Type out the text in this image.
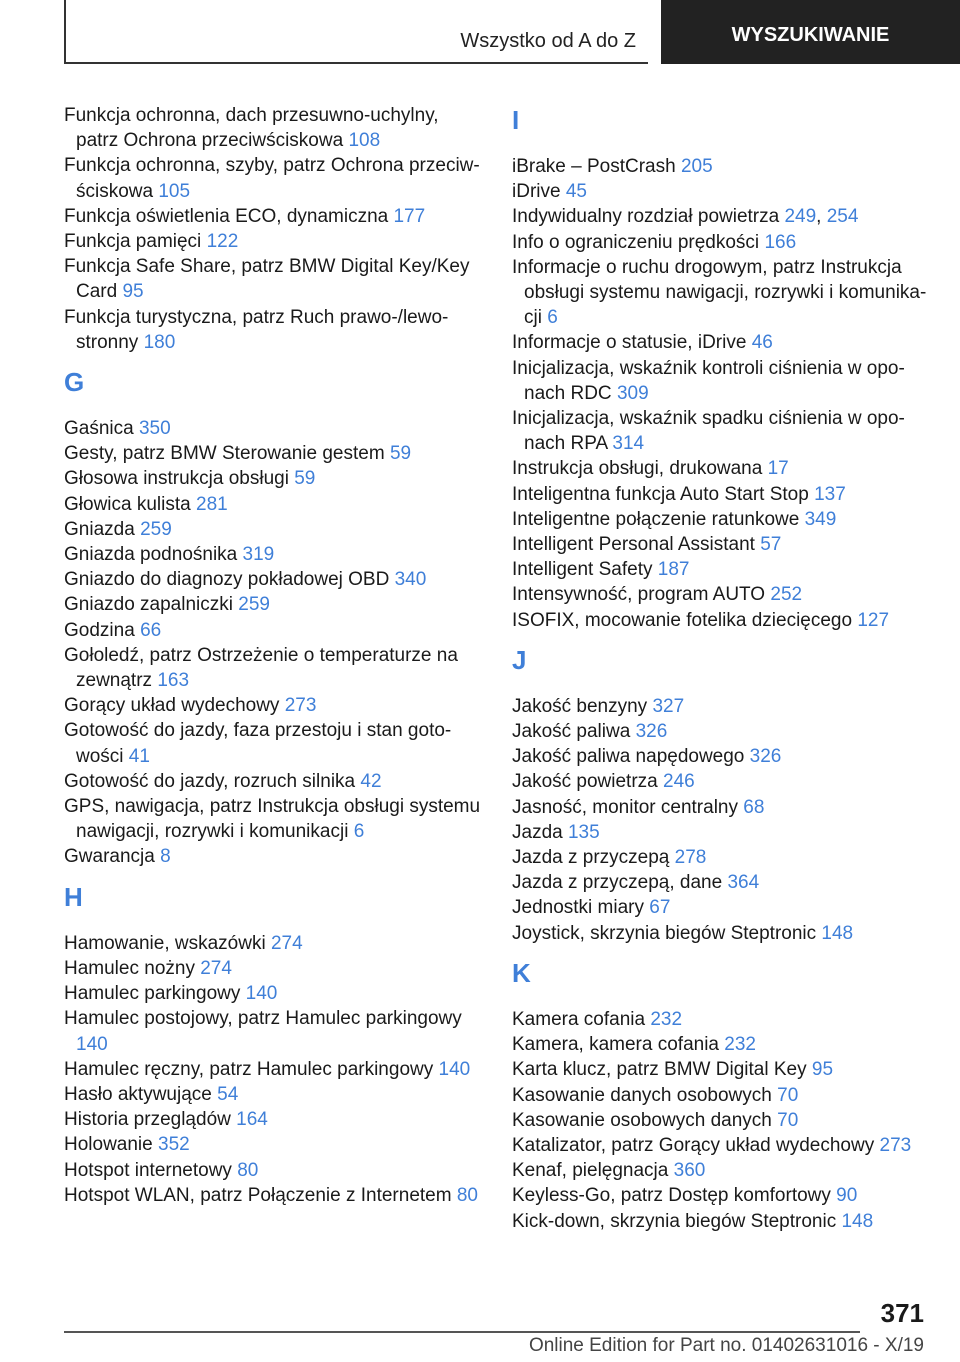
Wszystko od A do Z	WYSZUKIWANIE
Funkcja ochronna, dach przesuwno-uchylny, patrz Ochrona przeciwściskowa 108
Funkcja ochronna, szyby, patrz Ochrona przeciwściskowa 105
Funkcja oświetlenia ECO, dynamiczna 177
Funkcja pamięci 122
Funkcja Safe Share, patrz BMW Digital Key/Key Card 95
Funkcja turystyczna, patrz Ruch prawo-/lewostronny 180
G
Gaśnica 350
Gesty, patrz BMW Sterowanie gestem 59
Głosowa instrukcja obsługi 59
Głowica kulista 281
Gniazda 259
Gniazda podnośnika 319
Gniazdo do diagnozy pokładowej OBD 340
Gniazdo zapalniczki 259
Godzina 66
Gołoledź, patrz Ostrzeżenie o temperaturze na zewnątrz 163
Gorący układ wydechowy 273
Gotowość do jazdy, faza przestoju i stan gotowości 41
Gotowość do jazdy, rozruch silnika 42
GPS, nawigacja, patrz Instrukcja obsługi systemu nawigacji, rozrywki i komunikacji 6
Gwarancja 8
H
Hamowanie, wskazówki 274
Hamulec nożny 274
Hamulec parkingowy 140
Hamulec postojowy, patrz Hamulec parkingowy 140
Hamulec ręczny, patrz Hamulec parkingowy 140
Hasło aktywujące 54
Historia przeglądów 164
Holowanie 352
Hotspot internetowy 80
Hotspot WLAN, patrz Połączenie z Internetem 80
I
iBrake – PostCrash 205
iDrive 45
Indywidualny rozdział powietrza 249, 254
Info o ograniczeniu prędkości 166
Informacje o ruchu drogowym, patrz Instrukcja obsługi systemu nawigacji, rozrywki i komunikacji 6
Informacje o statusie, iDrive 46
Inicjalizacja, wskaźnik kontroli ciśnienia w oponach RDC 309
Inicjalizacja, wskaźnik spadku ciśnienia w oponach RPA 314
Instrukcja obsługi, drukowana 17
Inteligentna funkcja Auto Start Stop 137
Inteligentne połączenie ratunkowe 349
Intelligent Personal Assistant 57
Intelligent Safety 187
Intensywność, program AUTO 252
ISOFIX, mocowanie fotelika dziecięcego 127
J
Jakość benzyny 327
Jakość paliwa 326
Jakość paliwa napędowego 326
Jakość powietrza 246
Jasność, monitor centralny 68
Jazda 135
Jazda z przyczepą 278
Jazda z przyczepą, dane 364
Jednostki miary 67
Joystick, skrzynia biegów Steptronic 148
K
Kamera cofania 232
Kamera, kamera cofania 232
Karta klucz, patrz BMW Digital Key 95
Kasowanie danych osobowych 70
Kasowanie osobowych danych 70
Katalizator, patrz Gorący układ wydechowy 273
Kenaf, pielęgnacja 360
Keyless-Go, patrz Dostęp komfortowy 90
Kick-down, skrzynia biegów Steptronic 148
371
Online Edition for Part no. 01402631016 - X/19
